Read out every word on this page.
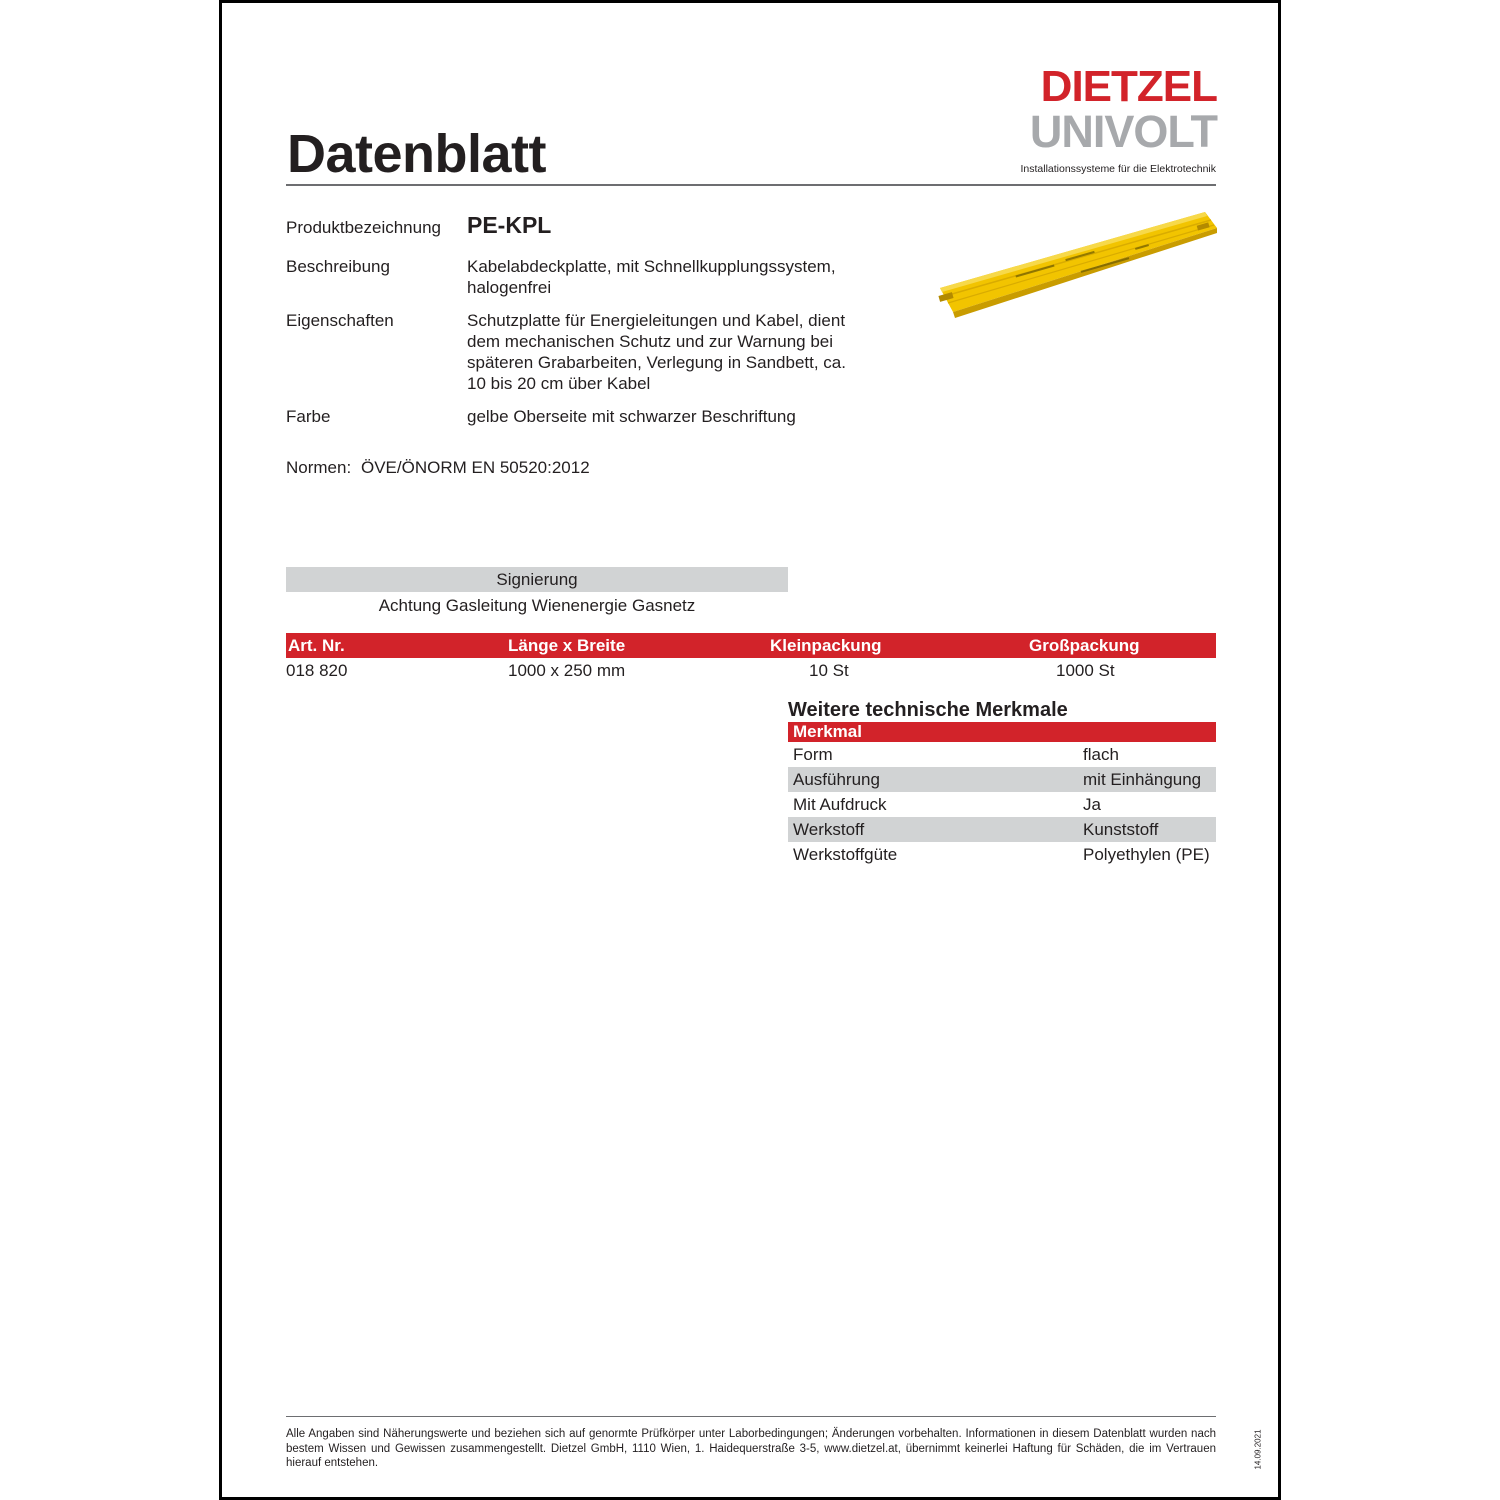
Datenblatt
DIETZEL
UNIVOLT
Installationssysteme für die Elektrotechnik
Produktbezeichnung PE-KPL
Beschreibung	Kabelabdeckplatte, mit Schnellkupplungssystem,
halogenfrei
Eigenschaften	Schutzplatte für Energieleitungen und Kabel, dient
dem mechanischen Schutz und zur Warnung bei
späteren Grabarbeiten, Verlegung in Sandbett, ca.
10 bis 20 cm über Kabel
Farbe	gelbe Oberseite mit schwarzer Beschriftung
Normen: ÖVE/ÖNORM EN 50520:2012
Signierung
Achtung Gasleitung Wienenergie Gasnetz
Art. Nr.	Länge x Breite	Kleinpackung	Großpackung
018 820	1000 x 250 mm	10 St	1000 St
Weitere technische Merkmale
Merkmal
Form	flach
Ausführung	mit Einhängung
Mit Aufdruck	Ja
Werkstoff	Kunststoff
Werkstoffgüte	Polyethylen (PE)
Alle Angaben sind Näherungswerte und beziehen sich auf genormte Prüfkörper unter Laborbedingungen; Änderungen vorbehalten. Informationen in diesem Datenblatt wurden nach bestem Wissen und Gewissen zusammengestellt. Dietzel GmbH, 1110 Wien, 1. Haidequerstraße 3-5, www.dietzel.at, übernimmt keinerlei Haftung für Schäden, die im Vertrauen hierauf entstehen.	14.09.2021
